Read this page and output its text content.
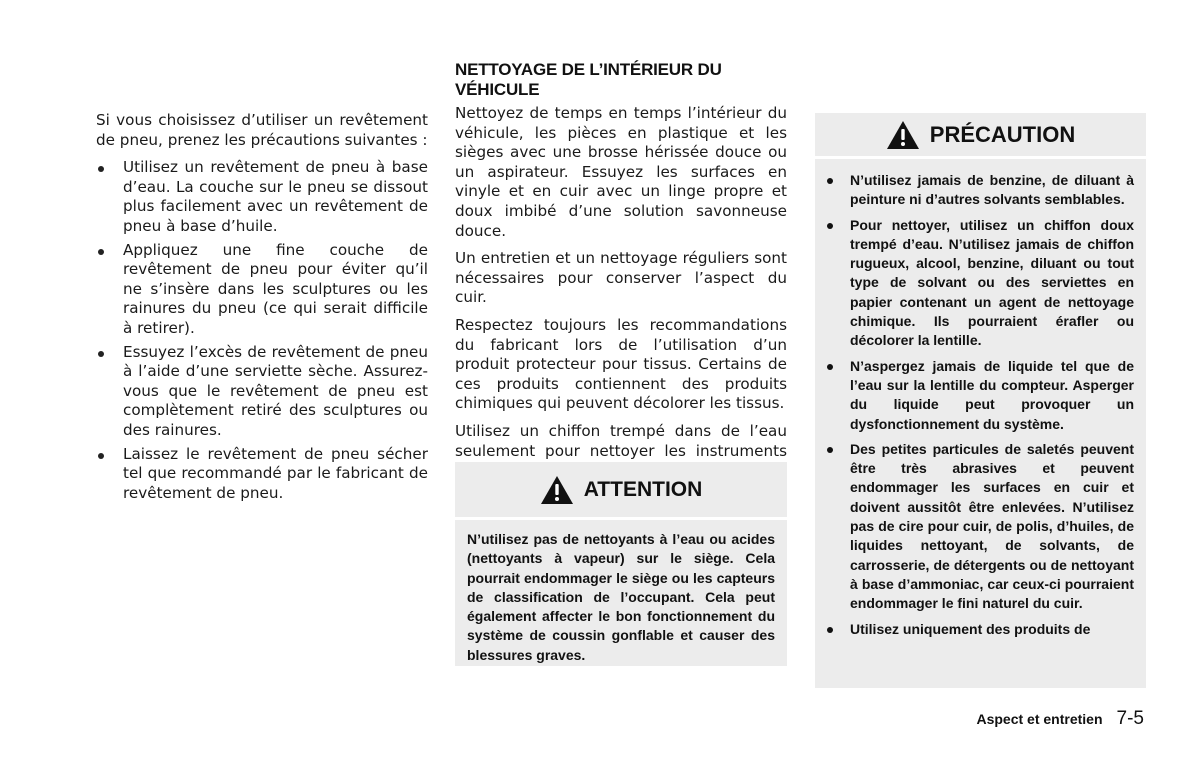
NETTOYAGE DE L’INTÉRIEUR DU VÉHICULE

Si vous choisissez d’utiliser un revêtement de pneu, prenez les précautions suivantes :

Utilisez un revêtement de pneu à base d’eau. La couche sur le pneu se dissout plus facilement avec un revêtement de pneu à base d’huile.
Appliquez une fine couche de revêtement de pneu pour éviter qu’il ne s’insère dans les sculptures ou les rainures du pneu (ce qui serait difficile à retirer).
Essuyez l’excès de revêtement de pneu à l’aide d’une serviette sèche. Assurez-vous que le revêtement de pneu est complètement retiré des sculptures ou des rainures.
Laissez le revêtement de pneu sécher tel que recommandé par le fabricant de revêtement de pneu.

Nettoyez de temps en temps l’intérieur du véhicule, les pièces en plastique et les sièges avec une brosse hérissée douce ou un aspirateur. Essuyez les surfaces en vinyle et en cuir avec un linge propre et doux imbibé d’une solution savonneuse douce.

Un entretien et un nettoyage réguliers sont nécessaires pour conserver l’aspect du cuir.

Respectez toujours les recommandations du fabricant lors de l’utilisation d’un produit protecteur pour tissus. Certains de ces produits contiennent des produits chimiques qui peuvent décolorer les tissus.

Utilisez un chiffon trempé dans de l’eau seulement pour nettoyer les instruments

ATTENTION
N’utilisez pas de nettoyants à l’eau ou acides (nettoyants à vapeur) sur le siège. Cela pourrait endommager le siège ou les capteurs de classification de l’occupant. Cela peut également affecter le bon fonctionnement du système de coussin gonflable et causer des blessures graves.
PRÉCAUTION
N’utilisez jamais de benzine, de diluant à peinture ni d’autres solvants semblables.
Pour nettoyer, utilisez un chiffon doux trempé d’eau. N’utilisez jamais de chiffon rugueux, alcool, benzine, diluant ou tout type de solvant ou des serviettes en papier contenant un agent de nettoyage chimique. Ils pourraient érafler ou décolorer la lentille.
N’aspergez jamais de liquide tel que de l’eau sur la lentille du compteur. Asperger du liquide peut provoquer un dysfonctionnement du système.
Des petites particules de saletés peuvent être très abrasives et peuvent endommager les surfaces en cuir et doivent aussitôt être enlevées. N’utilisez pas de cire pour cuir, de polis, d’huiles, de liquides nettoyant, de solvants, de carrosserie, de détergents ou de nettoyant à base d’ammoniac, car ceux-ci pourraient endommager le fini naturel du cuir.
Utilisez uniquement des produits de
Aspect et entretien 7-5
